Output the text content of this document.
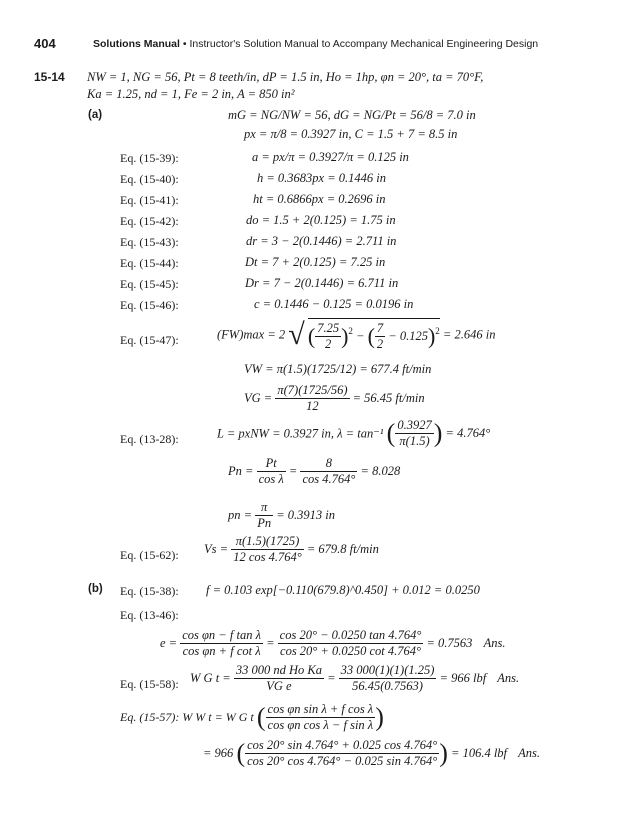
404	Solutions Manual • Instructor's Solution Manual to Accompany Mechanical Engineering Design
15-14 NW = 1, NG = 56, Pt = 8 teeth/in, dP = 1.5 in, Ho = 1hp, φn = 20°, ta = 70°F,
Ka = 1.25, nd = 1, Fe = 2 in, A = 850 in²
(a)	mG = NG/NW = 56, dG = NG/Pt = 56/8 = 7.0 in
px = π/8 = 0.3927 in, C = 1.5 + 7 = 8.5 in
Eq. (15-39):	a = px/π = 0.3927/π = 0.125 in
Eq. (15-40):	h = 0.3683px = 0.1446 in
Eq. (15-41):	ht = 0.6866px = 0.2696 in
Eq. (15-42):	do = 1.5 + 2(0.125) = 1.75 in
Eq. (15-43):	dr = 3 − 2(0.1446) = 2.711 in
Eq. (15-44):	Dt = 7 + 2(0.125) = 7.25 in
Eq. (15-45):	Dr = 7 − 2(0.1446) = 6.711 in
Eq. (15-46):	c = 0.1446 − 0.125 = 0.0196 in
Eq. (15-47):	(FW)max = 2 √ ( $\frac{7.25}{2} )^2$ − ( $\frac{7}{2} - 0.125)^2 = 2.646$ in
VW = π(1.5)(1725/12) = 677.4 ft/min
VG = $\frac{\pi(7)(1725/56)}{12} = 56.45$ ft/min
Eq. (13-28):	L = pxNW = 0.3927 in, λ = tan⁻¹ ( $\frac{0.3927}{\pi(1.5)}$ ) = 4.764°
$Pn = \frac{Pt}{\text{cos λ}} = \frac{8}{\cos 4.764^\circ} = 8.028$
pn = $\frac{\pi}{Pn} = 0.3913$ in
Eq. (15-62): $Vs = \frac{\pi(1.5)(1725)}{12 \cos 4.764^\circ} = 679.8$ ft/min
(b) Eq. (15-38): f = 0.103 exp[−0.110(679.8)^0.450] + 0.012 = 0.0250
Eq. (13-46):
$e = \frac{\text{cos φn − f tan λ}}{\text{cos φn + f cot λ}} = \frac{\cos 20^\circ - 0.0250 \tan 4.764^\circ}{\cos 20^\circ + 0.0250 \cot 4.764^\circ} = 0.7563$ Ans.
Eq. (15-58): W G $t = \frac{\text{33 000 nd Ho Ka}}{\text{VG e}} = \frac{33 000(1)(1)(1.25)}{56.45(0.7563)} = 966$ lbf Ans.
Eq. (15-57): W W t = W G t ( $\frac{\text{cos φn sin λ + f cos λ}}{\text{cos φn cos λ − f sin λ}}$ )
= 966 ( $\frac{\cos 20^\circ \sin 4.764^\circ + 0.025 \cos 4.764^\circ}{\cos 20^\circ \cos 4.764^\circ - 0.025 \sin 4.764^\circ}$ ) = 106.4 lbf Ans.
